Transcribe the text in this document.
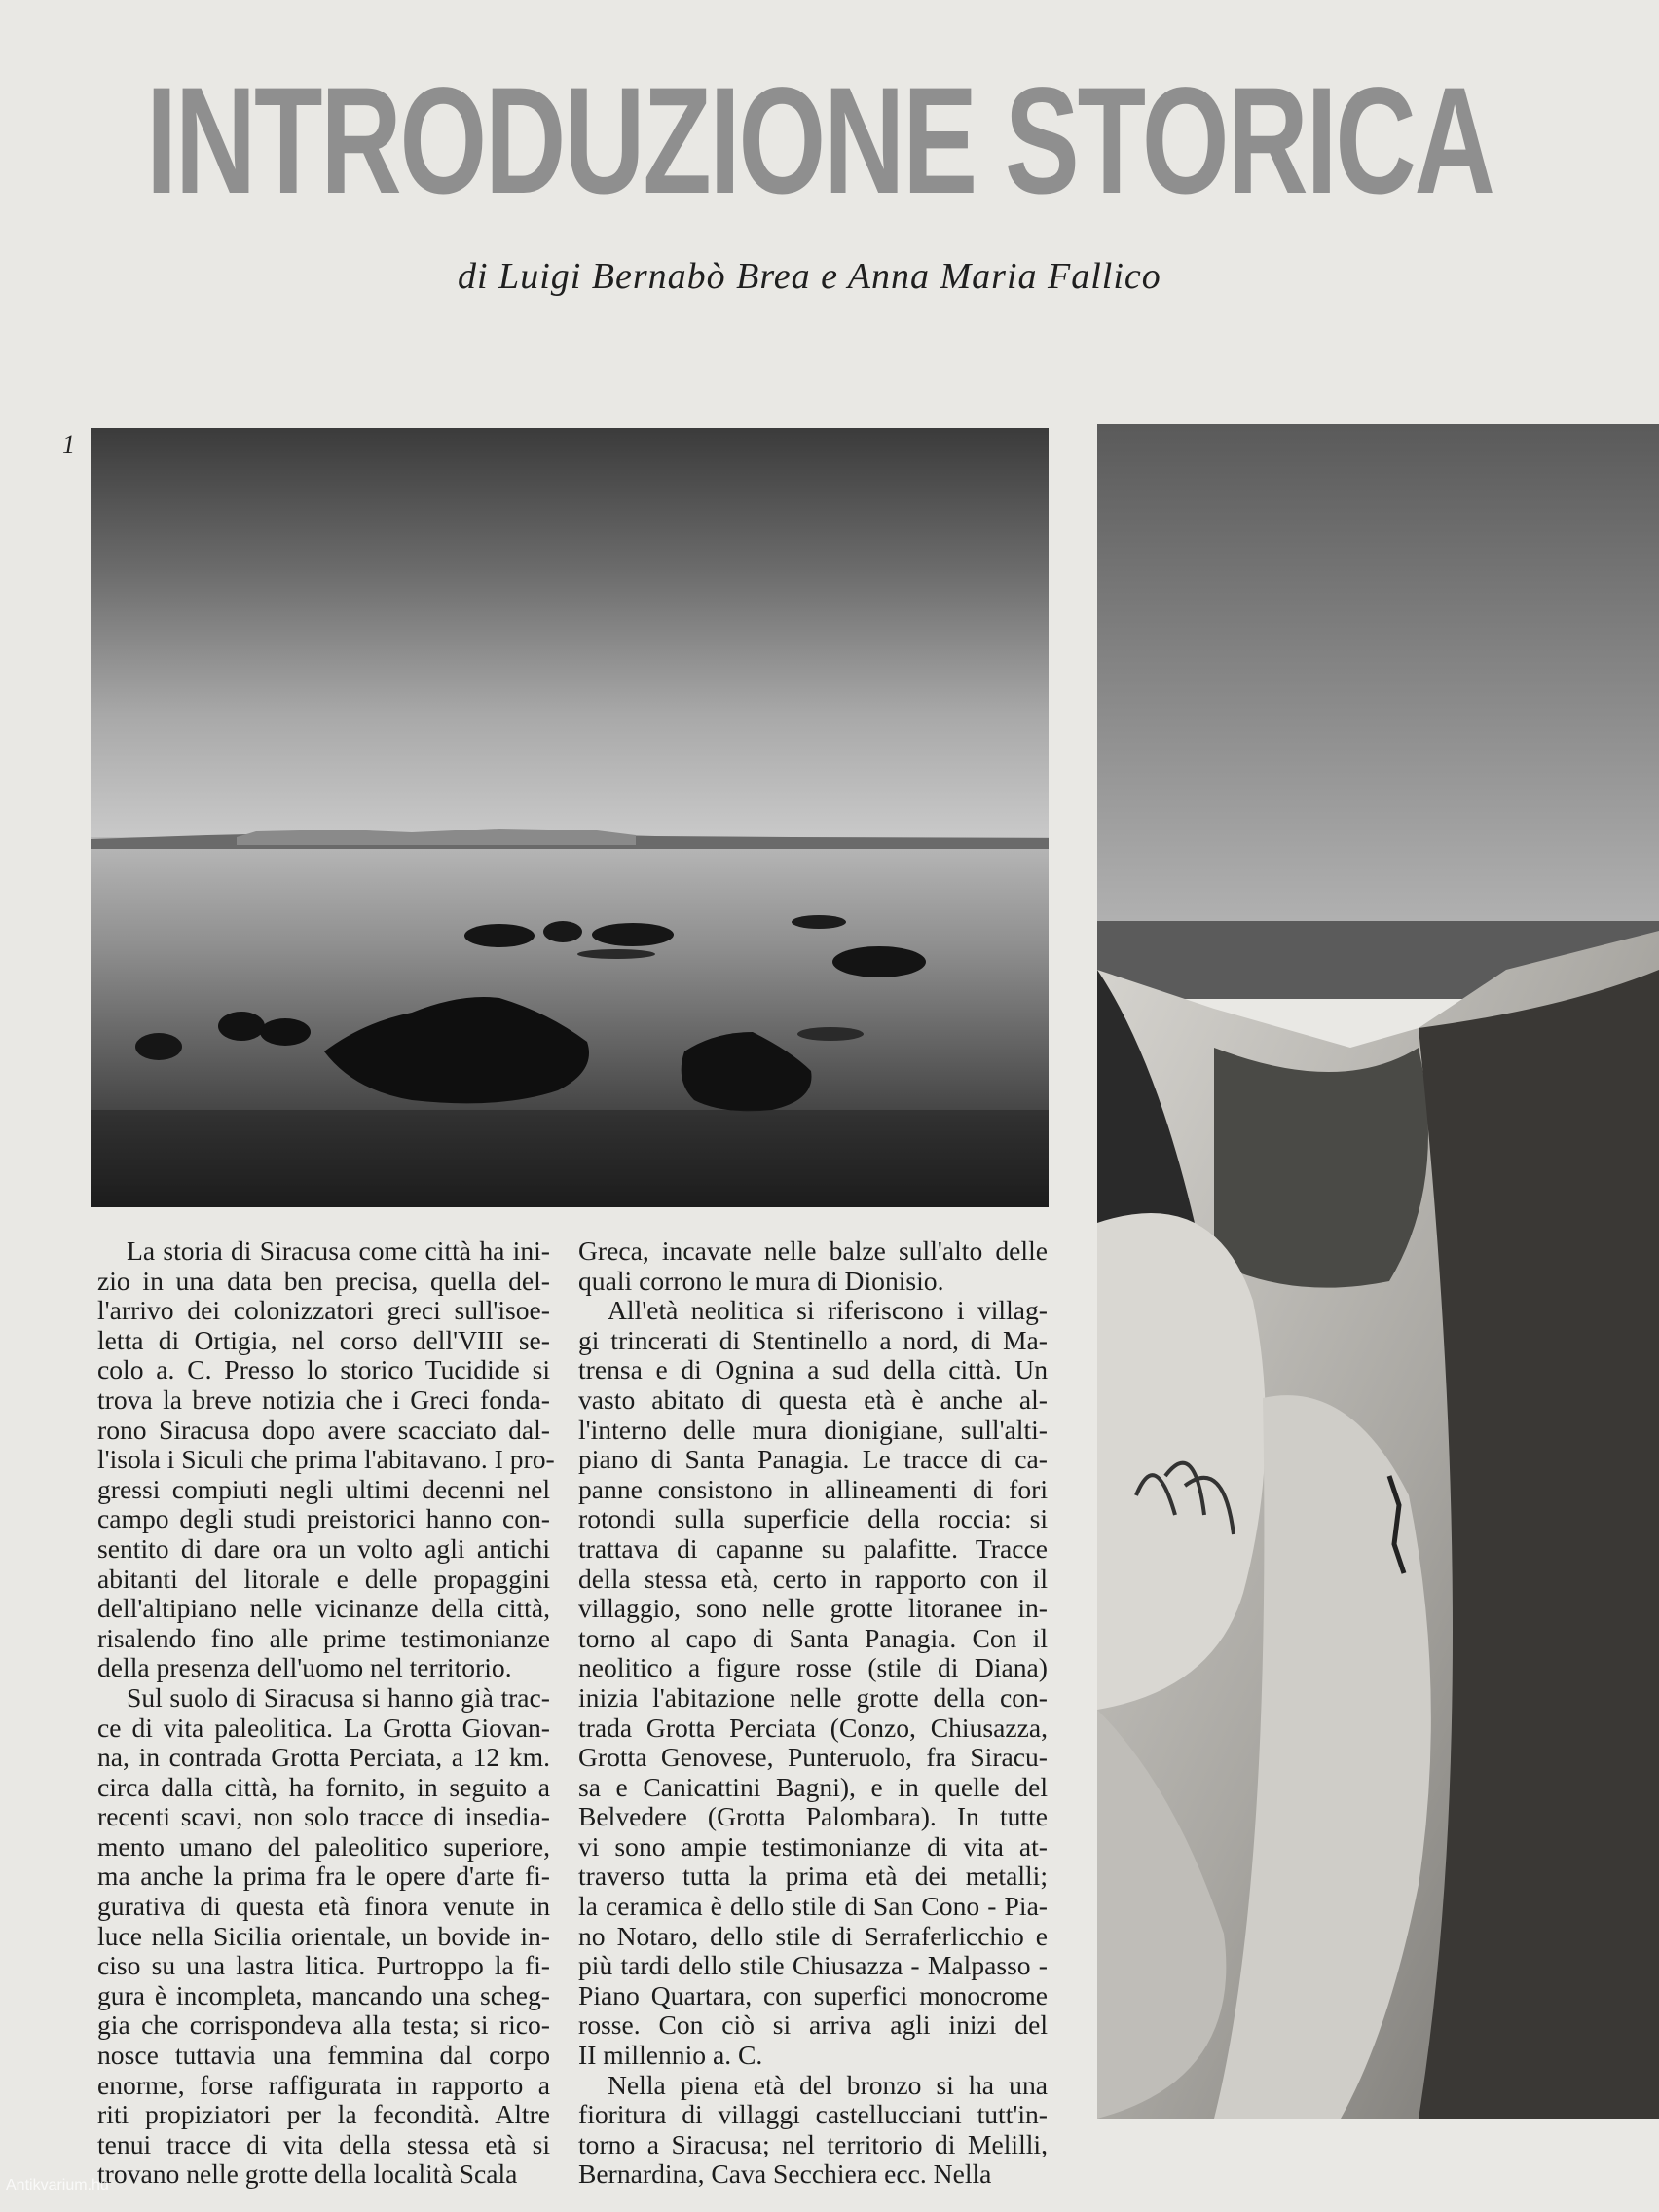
INTRODUZIONE STORICA
di Luigi Bernabò Brea e Anna Maria Fallico
1

La storia di Siracusa come città ha ini-
zio in una data ben precisa, quella del-
l'arrivo dei colonizzatori greci sull'isoe-
letta di Ortigia, nel corso dell'VIII se-
colo a. C. Presso lo storico Tucidide si
trova la breve notizia che i Greci fonda-
rono Siracusa dopo avere scacciato dal-
l'isola i Siculi che prima l'abitavano. I pro-
gressi compiuti negli ultimi decenni nel
campo degli studi preistorici hanno con-
sentito di dare ora un volto agli antichi
abitanti del litorale e delle propaggini
dell'altipiano nelle vicinanze della città,
risalendo fino alle prime testimonianze
della presenza dell'uomo nel territorio.

Sul suolo di Siracusa si hanno già trac-
ce di vita paleolitica. La Grotta Giovan-
na, in contrada Grotta Perciata, a 12 km.
circa dalla città, ha fornito, in seguito a
recenti scavi, non solo tracce di insedia-
mento umano del paleolitico superiore,
ma anche la prima fra le opere d'arte fi-
gurativa di questa età finora venute in
luce nella Sicilia orientale, un bovide in-
ciso su una lastra litica. Purtroppo la fi-
gura è incompleta, mancando una scheg-
gia che corrispondeva alla testa; si rico-
nosce tuttavia una femmina dal corpo
enorme, forse raffigurata in rapporto a
riti propiziatori per la fecondità. Altre
tenui tracce di vita della stessa età si
trovano nelle grotte della località Scala

Greca, incavate nelle balze sull'alto delle
quali corrono le mura di Dionisio.

All'età neolitica si riferiscono i villag-
gi trincerati di Stentinello a nord, di Ma-
trensa e di Ognina a sud della città. Un
vasto abitato di questa età è anche al-
l'interno delle mura dionigiane, sull'alti-
piano di Santa Panagia. Le tracce di ca-
panne consistono in allineamenti di fori
rotondi sulla superficie della roccia: si
trattava di capanne su palafitte. Tracce
della stessa età, certo in rapporto con il
villaggio, sono nelle grotte litoranee in-
torno al capo di Santa Panagia. Con il
neolitico a figure rosse (stile di Diana)
inizia l'abitazione nelle grotte della con-
trada Grotta Perciata (Conzo, Chiusazza,
Grotta Genovese, Punteruolo, fra Siracu-
sa e Canicattini Bagni), e in quelle del
Belvedere (Grotta Palombara). In tutte
vi sono ampie testimonianze di vita at-
traverso tutta la prima età dei metalli;
la ceramica è dello stile di San Cono - Pia-
no Notaro, dello stile di Serraferlicchio e
più tardi dello stile Chiusazza - Malpasso -
Piano Quartara, con superfici monocrome
rosse. Con ciò si arriva agli inizi del
II millennio a. C.

Nella piena età del bronzo si ha una
fioritura di villaggi castellucciani tutt'in-
torno a Siracusa; nel territorio di Melilli,
Bernardina, Cava Secchiera ecc. Nella

Antikvarium.hu
